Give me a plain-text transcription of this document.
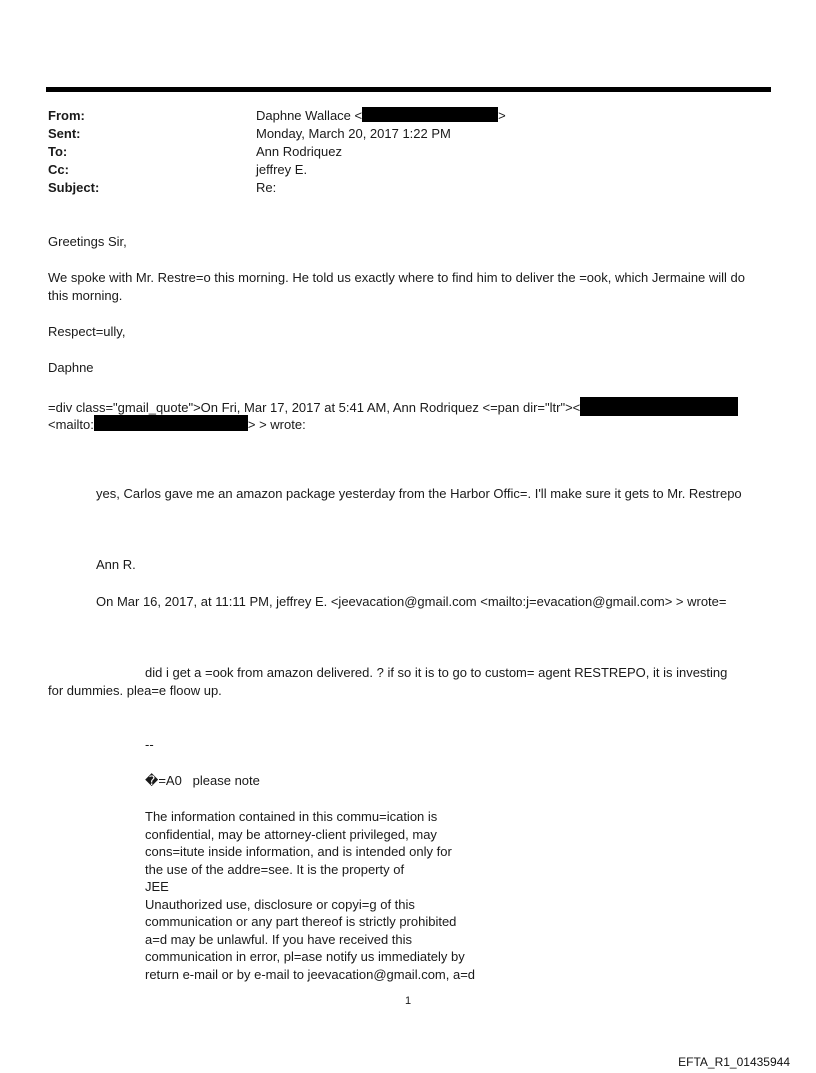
From:	Daphne Wallace <	>
Sent:	Monday, March 20, 2017 1:22 PM
To:	Ann Rodriquez
Cc:	jeffrey E.
Subject:	Re:
Greetings Sir,
We spoke with Mr. Restre=o this morning. He told us exactly where to find him to deliver the =ook, which Jermaine will do this morning.
Respect=ully,
Daphne
=div class="gmail_quote">On Fri, Mar 17, 2017 at 5:41 AM, Ann Rodriquez <=pan dir="ltr"><
<mailto:	> > wrote:
yes, Carlos gave me an amazon package yesterday from the Harbor Offic=. I'll make sure it gets to Mr. Restrepo
Ann R.
On Mar 16, 2017, at 11:11 PM, jeffrey E. <jeevacation@gmail.com <mailto:j=evacation@gmail.com> > wrote=
did i get a =ook from amazon delivered. ? if so it is to go to custom= agent RESTREPO, it is investing
for dummies. plea=e floow up.
--
�=A0   please note
The information contained in this commu=ication is
confidential, may be attorney-client privileged, may
cons=itute inside information, and is intended only for
the use of the addre=see. It is the property of
JEE
Unauthorized use, disclosure or copyi=g of this
communication or any part thereof is strictly prohibited
a=d may be unlawful. If you have received this
communication in error, pl=ase notify us immediately by
return e-mail or by e-mail to jeevacation@gmail.com, a=d
1
EFTA_R1_01435944
